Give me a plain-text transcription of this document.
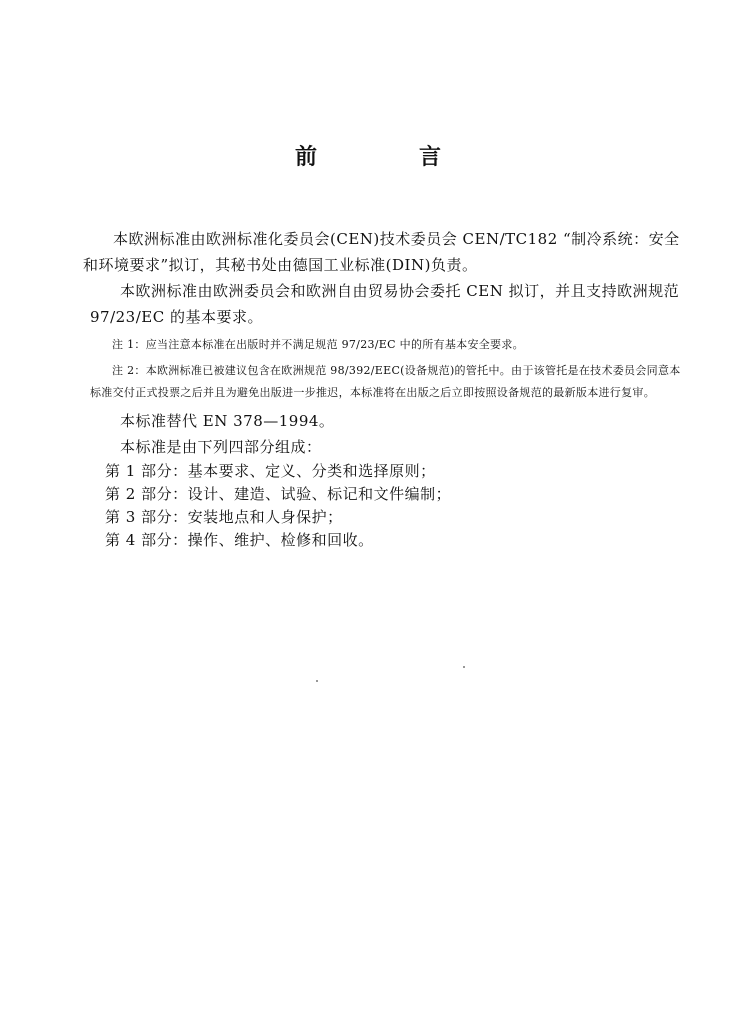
前　言

本欧洲标准由欧洲标准化委员会(CEN)技术委员会 CEN/TC182 “制冷系统：安全和环境要求”拟订，其秘书处由德国工业标准(DIN)负责。

本欧洲标准由欧洲委员会和欧洲自由贸易协会委托 CEN 拟订，并且支持欧洲规范 97/23/EC 的基本要求。

注 1：应当注意本标准在出版时并不满足规范 97/23/EC 中的所有基本安全要求。

注 2：本欧洲标准已被建议包含在欧洲规范 98/392/EEC(设备规范)的管托中。由于该管托是在技术委员会同意本标准交付正式投票之后并且为避免出版进一步推迟，本标准将在出版之后立即按照设备规范的最新版本进行复审。

本标准替代 EN 378—1994。

本标准是由下列四部分组成：

第 1 部分：基本要求、定义、分类和选择原则；

第 2 部分：设计、建造、试验、标记和文件编制；

第 3 部分：安装地点和人身保护；

第 4 部分：操作、维护、检修和回收。
